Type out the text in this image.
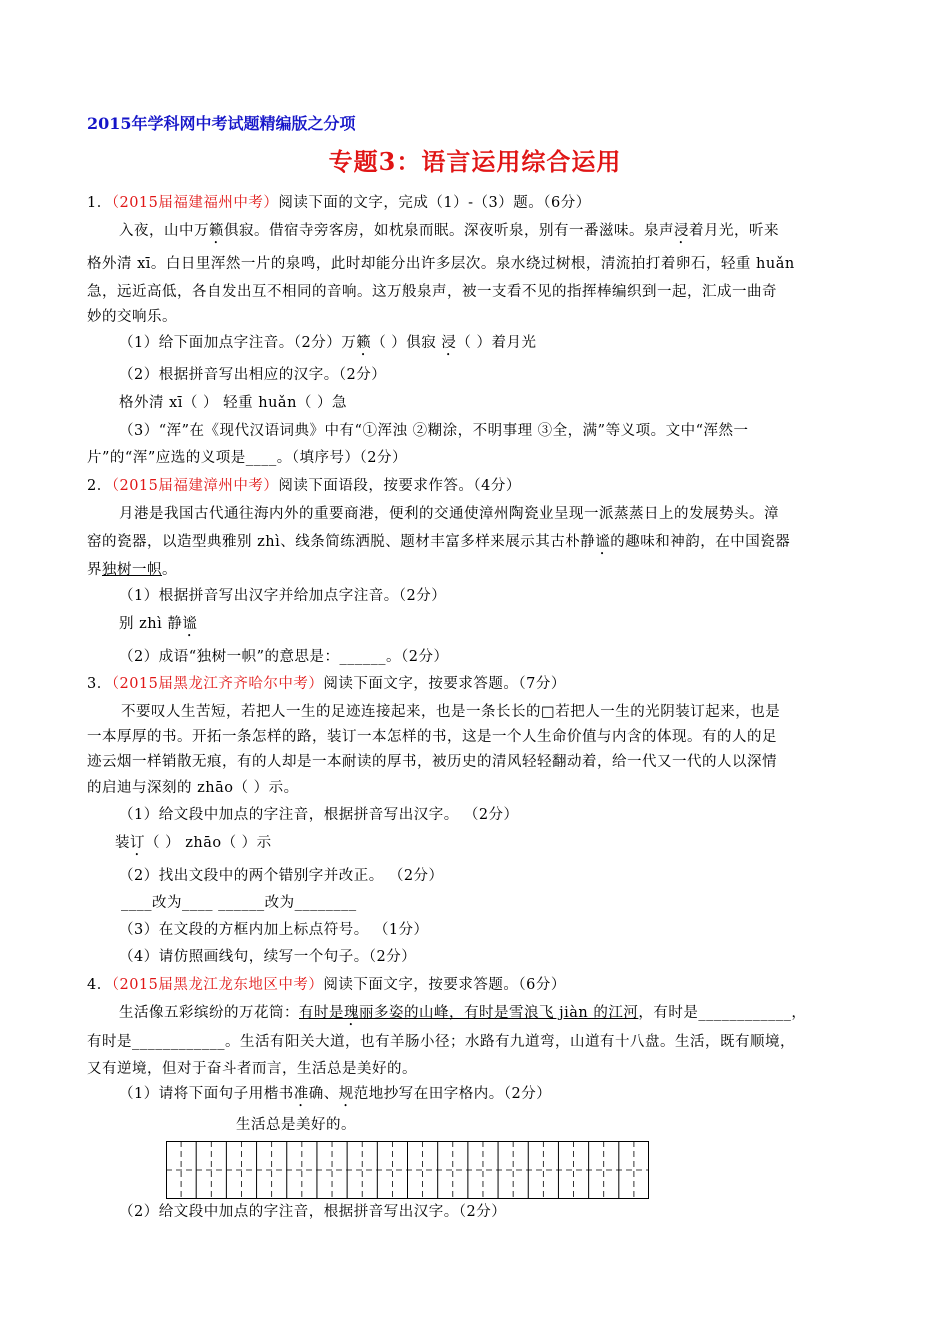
2015年学科网中考试题精编版之分项
专题3：语言运用综合运用
1．（2015届福建福州中考）阅读下面的文字，完成（1）-（3）题。（6分）
入夜，山中万籁俱寂。借宿寺旁客房，如枕泉而眠。深夜听泉，别有一番滋味。泉声浸着月光，听来
格外清 xī。白日里浑然一片的泉鸣，此时却能分出许多层次。泉水绕过树根，清流拍打着卵石，轻重 huǎn
急，远近高低，各自发出互不相同的音响。这万般泉声，被一支看不见的指挥棒编织到一起，汇成一曲奇
妙的交响乐。
（1）给下面加点字注音。（2分）万籁（ ）俱寂 浸（ ）着月光
（2）根据拼音写出相应的汉字。（2分）
格外清 xī（ ） 轻重 huǎn（ ）急
（3）“浑”在《现代汉语词典》中有“①浑浊 ②糊涂，不明事理 ③全，满”等义项。文中“浑然一
片”的“浑”应选的义项是____。（填序号）（2分）
2．（2015届福建漳州中考）阅读下面语段，按要求作答。（4分）
月港是我国古代通往海内外的重要商港，便利的交通使漳州陶瓷业呈现一派蒸蒸日上的发展势头。漳
窑的瓷器，以造型典雅别 zhì、线条简练洒脱、题材丰富多样来展示其古朴静谧的趣味和神韵，在中国瓷器
界独树一帜。
（1）根据拼音写出汉字并给加点字注音。（2分）
别 zhì 静谧
（2）成语“独树一帜”的意思是：______。（2分）
3．（2015届黑龙江齐齐哈尔中考）阅读下面文字，按要求答题。（7分）
不要叹人生苦短，若把人一生的足迹连接起来，也是一条长长的□若把人一生的光阴装订起来，也是
一本厚厚的书。开拓一条怎样的路，装订一本怎样的书，这是一个人生命价值与内含的体现。有的人的足
迹云烟一样销散无痕，有的人却是一本耐读的厚书，被历史的清风轻轻翻动着，给一代又一代的人以深情
的启迪与深刻的 zhāo（ ）示。
（1）给文段中加点的字注音，根据拼音写出汉字。 （2分）
装订（ ） zhāo（ ）示
（2）找出文段中的两个错别字并改正。 （2分）
____改为____ ______改为________
（3）在文段的方框内加上标点符号。 （1分）
（4）请仿照画线句，续写一个句子。（2分）
4．（2015届黑龙江龙东地区中考）阅读下面文字，按要求答题。（6分）
生活像五彩缤纷的万花筒：有时是瑰丽多姿的山峰，有时是雪浪飞 jiàn 的江河，有时是____________，
有时是____________。生活有阳关大道，也有羊肠小径；水路有九道弯，山道有十八盘。生活，既有顺境，
又有逆境，但对于奋斗者而言，生活总是美好的。
（1）请将下面句子用楷书准确、规范地抄写在田字格内。（2分）
生活总是美好的。
（2）给文段中加点的字注音，根据拼音写出汉字。（2分）
